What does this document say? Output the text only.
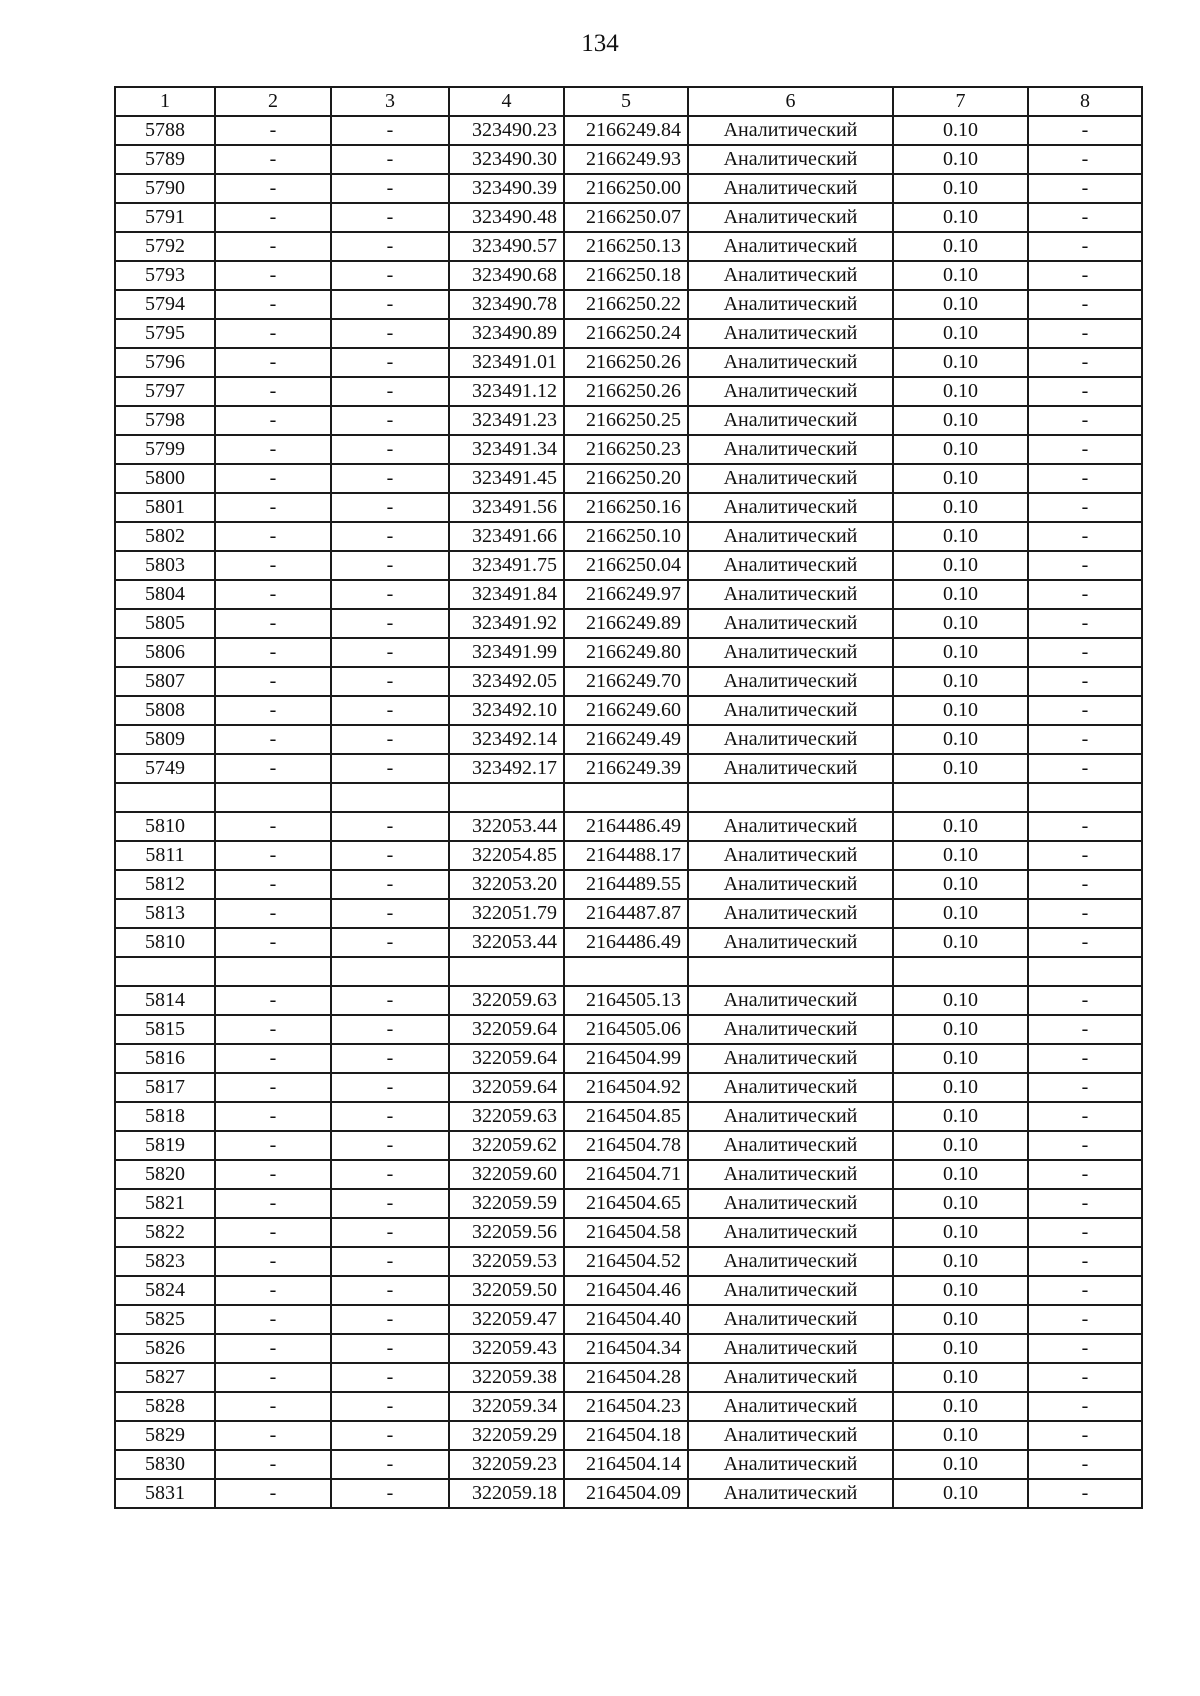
134
1	2	3	4	5	6	7	8
5788	-	-	323490.23	2166249.84	Аналитический	0.10	-
5789	-	-	323490.30	2166249.93	Аналитический	0.10	-
5790	-	-	323490.39	2166250.00	Аналитический	0.10	-
5791	-	-	323490.48	2166250.07	Аналитический	0.10	-
5792	-	-	323490.57	2166250.13	Аналитический	0.10	-
5793	-	-	323490.68	2166250.18	Аналитический	0.10	-
5794	-	-	323490.78	2166250.22	Аналитический	0.10	-
5795	-	-	323490.89	2166250.24	Аналитический	0.10	-
5796	-	-	323491.01	2166250.26	Аналитический	0.10	-
5797	-	-	323491.12	2166250.26	Аналитический	0.10	-
5798	-	-	323491.23	2166250.25	Аналитический	0.10	-
5799	-	-	323491.34	2166250.23	Аналитический	0.10	-
5800	-	-	323491.45	2166250.20	Аналитический	0.10	-
5801	-	-	323491.56	2166250.16	Аналитический	0.10	-
5802	-	-	323491.66	2166250.10	Аналитический	0.10	-
5803	-	-	323491.75	2166250.04	Аналитический	0.10	-
5804	-	-	323491.84	2166249.97	Аналитический	0.10	-
5805	-	-	323491.92	2166249.89	Аналитический	0.10	-
5806	-	-	323491.99	2166249.80	Аналитический	0.10	-
5807	-	-	323492.05	2166249.70	Аналитический	0.10	-
5808	-	-	323492.10	2166249.60	Аналитический	0.10	-
5809	-	-	323492.14	2166249.49	Аналитический	0.10	-
5749	-	-	323492.17	2166249.39	Аналитический	0.10	-

5810	-	-	322053.44	2164486.49	Аналитический	0.10	-
5811	-	-	322054.85	2164488.17	Аналитический	0.10	-
5812	-	-	322053.20	2164489.55	Аналитический	0.10	-
5813	-	-	322051.79	2164487.87	Аналитический	0.10	-
5810	-	-	322053.44	2164486.49	Аналитический	0.10	-

5814	-	-	322059.63	2164505.13	Аналитический	0.10	-
5815	-	-	322059.64	2164505.06	Аналитический	0.10	-
5816	-	-	322059.64	2164504.99	Аналитический	0.10	-
5817	-	-	322059.64	2164504.92	Аналитический	0.10	-
5818	-	-	322059.63	2164504.85	Аналитический	0.10	-
5819	-	-	322059.62	2164504.78	Аналитический	0.10	-
5820	-	-	322059.60	2164504.71	Аналитический	0.10	-
5821	-	-	322059.59	2164504.65	Аналитический	0.10	-
5822	-	-	322059.56	2164504.58	Аналитический	0.10	-
5823	-	-	322059.53	2164504.52	Аналитический	0.10	-
5824	-	-	322059.50	2164504.46	Аналитический	0.10	-
5825	-	-	322059.47	2164504.40	Аналитический	0.10	-
5826	-	-	322059.43	2164504.34	Аналитический	0.10	-
5827	-	-	322059.38	2164504.28	Аналитический	0.10	-
5828	-	-	322059.34	2164504.23	Аналитический	0.10	-
5829	-	-	322059.29	2164504.18	Аналитический	0.10	-
5830	-	-	322059.23	2164504.14	Аналитический	0.10	-
5831	-	-	322059.18	2164504.09	Аналитический	0.10	-
